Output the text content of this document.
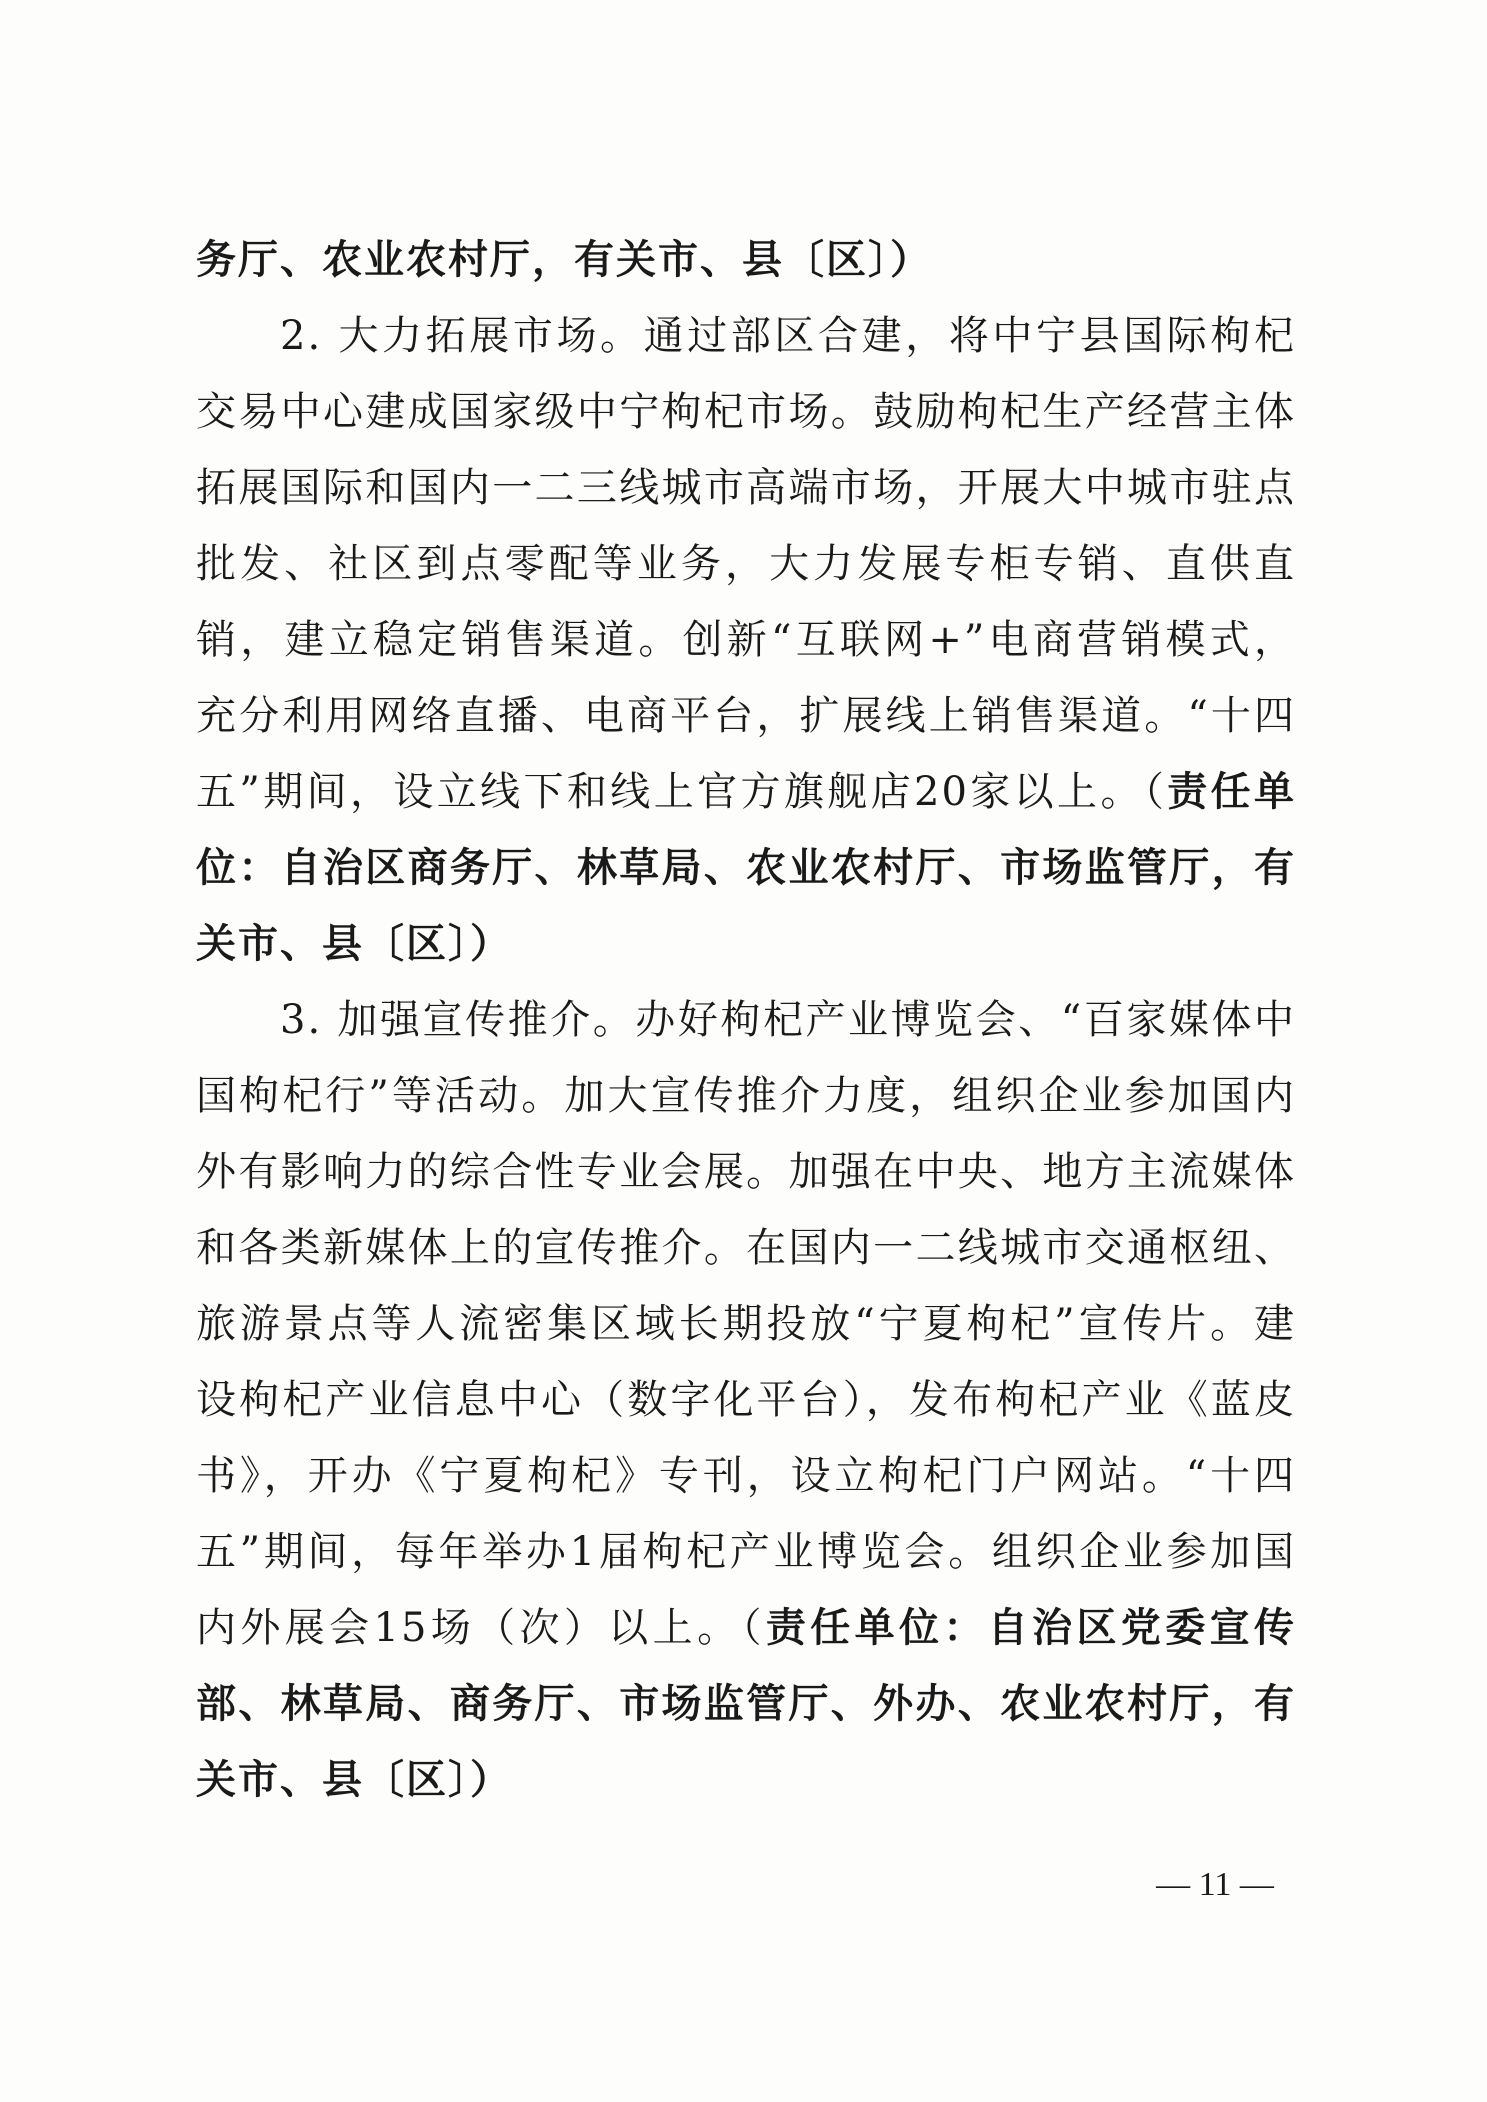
务厅、农业农村厅，有关市、县〔区〕）
2. 大力拓展市场。通过部区合建，将中宁县国际枸杞
交易中心建成国家级中宁枸杞市场。鼓励枸杞生产经营主体
拓展国际和国内一二三线城市高端市场，开展大中城市驻点
批发、社区到点零配等业务，大力发展专柜专销、直供直
销，建立稳定销售渠道。创新“互联网+”电商营销模式，
充分利用网络直播、电商平台，扩展线上销售渠道。“十四
五”期间，设立线下和线上官方旗舰店20家以上。（责任单
位：自治区商务厅、林草局、农业农村厅、市场监管厅，有
关市、县〔区〕）
3. 加强宣传推介。办好枸杞产业博览会、“百家媒体中
国枸杞行”等活动。加大宣传推介力度，组织企业参加国内
外有影响力的综合性专业会展。加强在中央、地方主流媒体
和各类新媒体上的宣传推介。在国内一二线城市交通枢纽、
旅游景点等人流密集区域长期投放“宁夏枸杞”宣传片。建
设枸杞产业信息中心（数字化平台），发布枸杞产业《蓝皮
书》，开办《宁夏枸杞》专刊，设立枸杞门户网站。“十四
五”期间，每年举办1届枸杞产业博览会。组织企业参加国
内外展会15场（次）以上。（责任单位：自治区党委宣传
部、林草局、商务厅、市场监管厅、外办、农业农村厅，有
关市、县〔区〕）
— 11 —
